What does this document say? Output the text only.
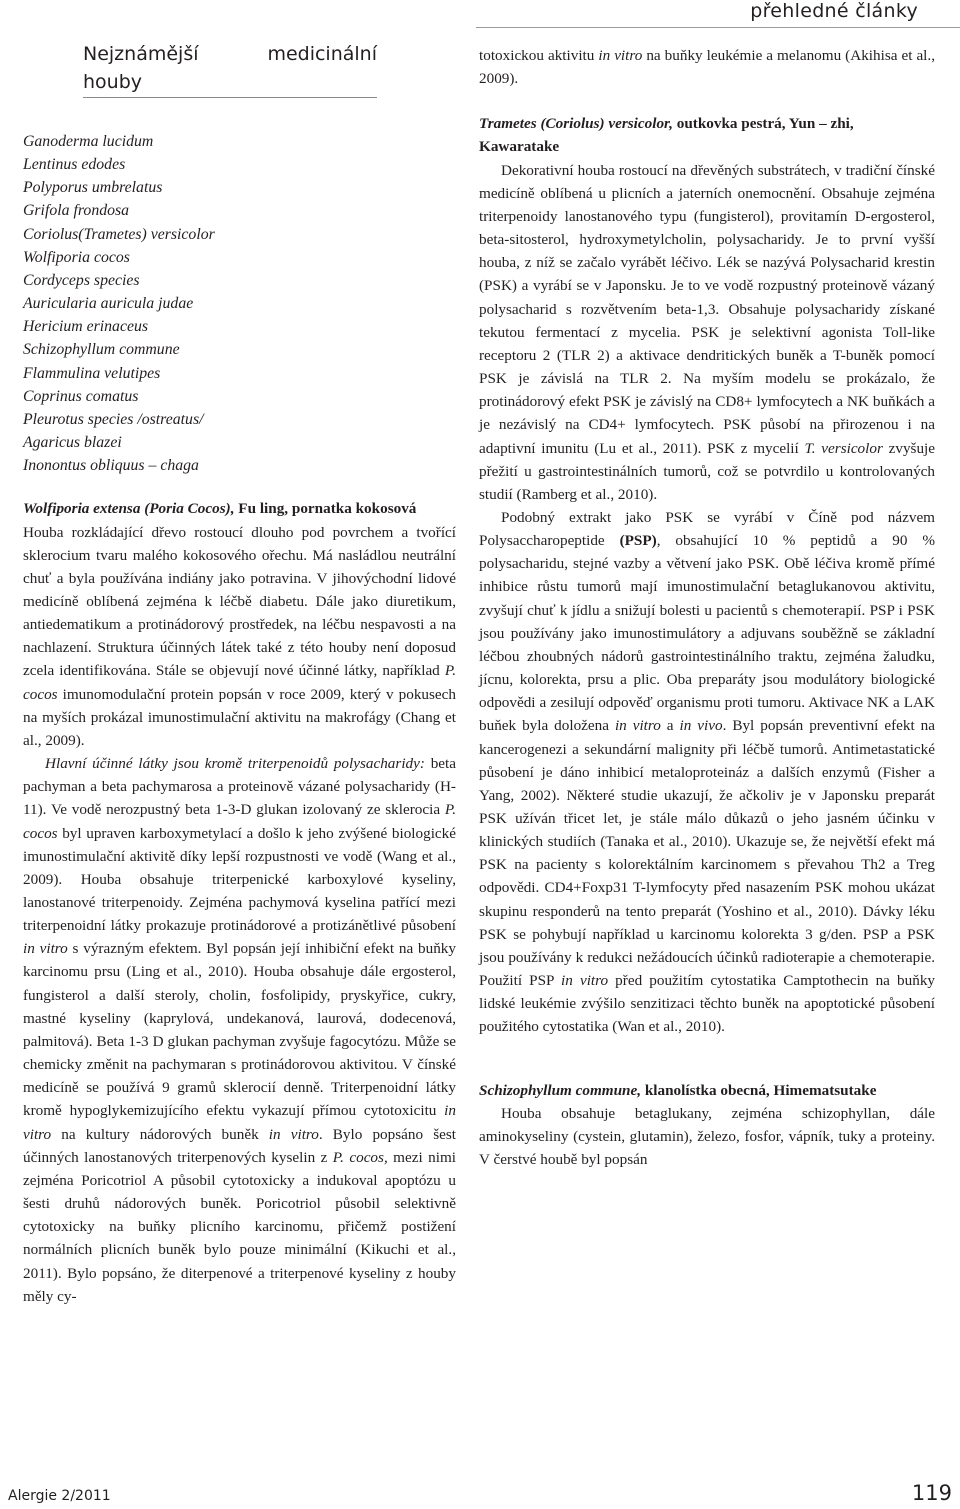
přehledné články
Nejznámější medicinální houby
Ganoderma lucidum
Lentinus edodes
Polyporus umbrelatus
Grifola frondosa
Coriolus(Trametes) versicolor
Wolfiporia cocos
Cordyceps species
Auricularia auricula judae
Hericium erinaceus
Schizophyllum commune
Flammulina velutipes
Coprinus comatus
Pleurotus species /ostreatus/
Agaricus blazei
Inonontus obliquus – chaga

Wolfiporia extensa (Poria Cocos), Fu ling, pornatka kokosová

Houba rozkládající dřevo rostoucí dlouho pod povrchem a tvořící sklerocium tvaru malého kokosového ořechu. Má nasládlou neutrální chuť a byla používána indiány jako potravina. V jihovýchodní lidové medicíně oblíbená zejména k léčbě diabetu. Dále jako diuretikum, antiedematikum a protinádorový prostředek, na léčbu nespavosti a na nachlazení. Struktura účinných látek také z této houby není doposud zcela identifikována. Stále se objevují nové účinné látky, například P. cocos imunomodulační protein popsán v roce 2009, který v pokusech na myších prokázal imunostimulační aktivitu na makrofágy (Chang et al., 2009).

Hlavní účinné látky jsou kromě triterpenoidů polysacharidy: beta pachyman a beta pachymarosa a proteinově vázané polysacharidy (H-11). Ve vodě nerozpustný beta 1-3-D glukan izolovaný ze sklerocia P. cocos byl upraven karboxymetylací a došlo k jeho zvýšené biologické imunostimulační aktivitě díky lepší rozpustnosti ve vodě (Wang et al., 2009). Houba obsahuje triterpenické karboxylové kyseliny, lanostanové triterpenoidy. Zejména pachymová kyselina patřící mezi triterpenoidní látky prokazuje protinádorové a protizánětlivé působení in vitro s výrazným efektem. Byl popsán její inhibiční efekt na buňky karcinomu prsu (Ling et al., 2010). Houba obsahuje dále ergosterol, fungisterol a další steroly, cholin, fosfolipidy, pryskyřice, cukry, mastné kyseliny (kaprylová, undekanová, laurová, dodecenová, palmitová). Beta 1-3 D glukan pachyman zvyšuje fagocytózu. Může se chemicky změnit na pachymaran s protinádorovou aktivitou. V čínské medicíně se používá 9 gramů sklerocií denně. Triterpenoidní látky kromě hypoglykemizujícího efektu vykazují přímou cytotoxicitu in vitro na kultury nádorových buněk in vitro. Bylo popsáno šest účinných lanostanových triterpenových kyselin z P. cocos, mezi nimi zejména Poricotriol A působil cytotoxicky a indukoval apoptózu u šesti druhů nádorových buněk. Poricotriol působil selektivně cytotoxicky na buňky plicního karcinomu, přičemž postižení normálních plicních buněk bylo pouze minimální (Kikuchi et al., 2011). Bylo popsáno, že diterpenové a triterpenové kyseliny z houby měly cy-

totoxickou aktivitu in vitro na buňky leukémie a melanomu (Akihisa et al., 2009).

Trametes (Coriolus) versicolor, outkovka pestrá, Yun – zhi, Kawaratake

Dekorativní houba rostoucí na dřevěných substrátech, v tradiční čínské medicíně oblíbená u plicních a jaterních onemocnění. Obsahuje zejména triterpenoidy lanostanového typu (fungisterol), provitamín D-ergosterol, beta-sitosterol, hydroxymetylcholin, polysacharidy. Je to první vyšší houba, z níž se začalo vyrábět léčivo. Lék se nazývá Polysacharid krestin (PSK) a vyrábí se v Japonsku. Je to ve vodě rozpustný proteinově vázaný polysacharid s rozvětvením beta-1,3. Obsahuje polysacharidy získané tekutou fermentací z mycelia. PSK je selektivní agonista Toll-like receptoru 2 (TLR 2) a aktivace dendritických buněk a T-buněk pomocí PSK je závislá na TLR 2. Na myším modelu se prokázalo, že protinádorový efekt PSK je závislý na CD8+ lymfocytech a NK buňkách a je nezávislý na CD4+ lymfocytech. PSK působí na přirozenou i na adaptivní imunitu (Lu et al., 2011). PSK z mycelií T. versicolor zvyšuje přežití u gastrointestinálních tumorů, což se potvrdilo u kontrolovaných studií (Ramberg et al., 2010).

Podobný extrakt jako PSK se vyrábí v Číně pod názvem Polysaccharopeptide (PSP), obsahující 10 % peptidů a 90 % polysacharidu, stejné vazby a větvení jako PSK. Obě léčiva kromě přímé inhibice růstu tumorů mají imunostimulační betaglukanovou aktivitu, zvyšují chuť k jídlu a snižují bolesti u pacientů s chemoterapií. PSP i PSK jsou používány jako imunostimulátory a adjuvans souběžně se základní léčbou zhoubných nádorů gastrointestinálního traktu, zejména žaludku, jícnu, kolorekta, prsu a plic. Oba preparáty jsou modulátory biologické odpovědi a zesilují odpověď organismu proti tumoru. Aktivace NK a LAK buňek byla doložena in vitro a in vivo. Byl popsán preventivní efekt na kancerogenezi a sekundární malignity při léčbě tumorů. Antimetastatické působení je dáno inhibicí metaloproteináz a dalších enzymů (Fisher a Yang, 2002). Některé studie ukazují, že ačkoliv je v Japonsku preparát PSK užíván třicet let, je stále málo důkazů o jeho jasném účinku v klinických studiích (Tanaka et al., 2010). Ukazuje se, že největší efekt má PSK na pacienty s kolorektálním karcinomem s převahou Th2 a Treg odpovědi. CD4+Foxp31 T-lymfocyty před nasazením PSK mohou ukázat skupinu responderů na tento preparát (Yoshino et al., 2010). Dávky léku PSK se pohybují například u karcinomu kolorekta 3 g/den. PSP a PSK jsou používány k redukci nežádoucích účinků radioterapie a chemoterapie. Použití PSP in vitro před použitím cytostatika Camptothecin na buňky lidské leukémie zvýšilo senzitizaci těchto buněk na apoptotické působení použitého cytostatika (Wan et al., 2010).

Schizophyllum commune, klanolístka obecná, Himematsutake

Houba obsahuje betaglukany, zejména schizophyllan, dále aminokyseliny (cystein, glutamin), železo, fosfor, vápník, tuky a proteiny. V čerstvé houbě byl popsán

Alergie 2/2011	119
